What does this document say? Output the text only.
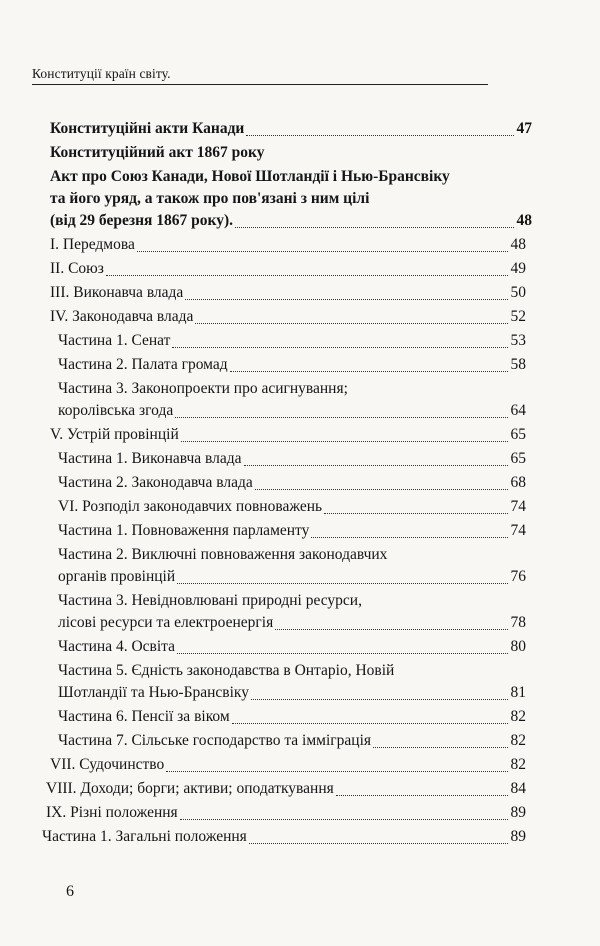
Конституції країн світу.
Конституційні акти Канади	47
Конституційний акт 1867 року
Акт про Союз Канади, Нової Шотландії і Нью-Брансвіку
та його уряд, а також про пов'язані з ним цілі
(від 29 березня 1867 року).	48
І. Передмова	48
ІІ. Союз	49
ІІІ. Виконавча влада	50
IV. Законодавча влада	52
Частина 1. Сенат	53
Частина 2. Палата громад	58
Частина 3. Законопроекти про асигнування;
королівська згода	64
V. Устрій провінцій	65
Частина 1. Виконавча влада	65
Частина 2. Законодавча влада	68
VI. Розподіл законодавчих повноважень	74
Частина 1. Повноваження парламенту	74
Частина 2. Виключні повноваження законодавчих
органів провінцій	76
Частина 3. Невідновлювані природні ресурси,
лісові ресурси та електроенергія	78
Частина 4. Освіта	80
Частина 5. Єдність законодавства в Онтаріо, Новій
Шотландії та Нью-Брансвіку	81
Частина 6. Пенсії за віком	82
Частина 7. Сільське господарство та імміграція	82
VII. Судочинство	82
VIII. Доходи; борги; активи; оподаткування	84
IX. Різні положення	89
Частина 1. Загальні положення	89
6
